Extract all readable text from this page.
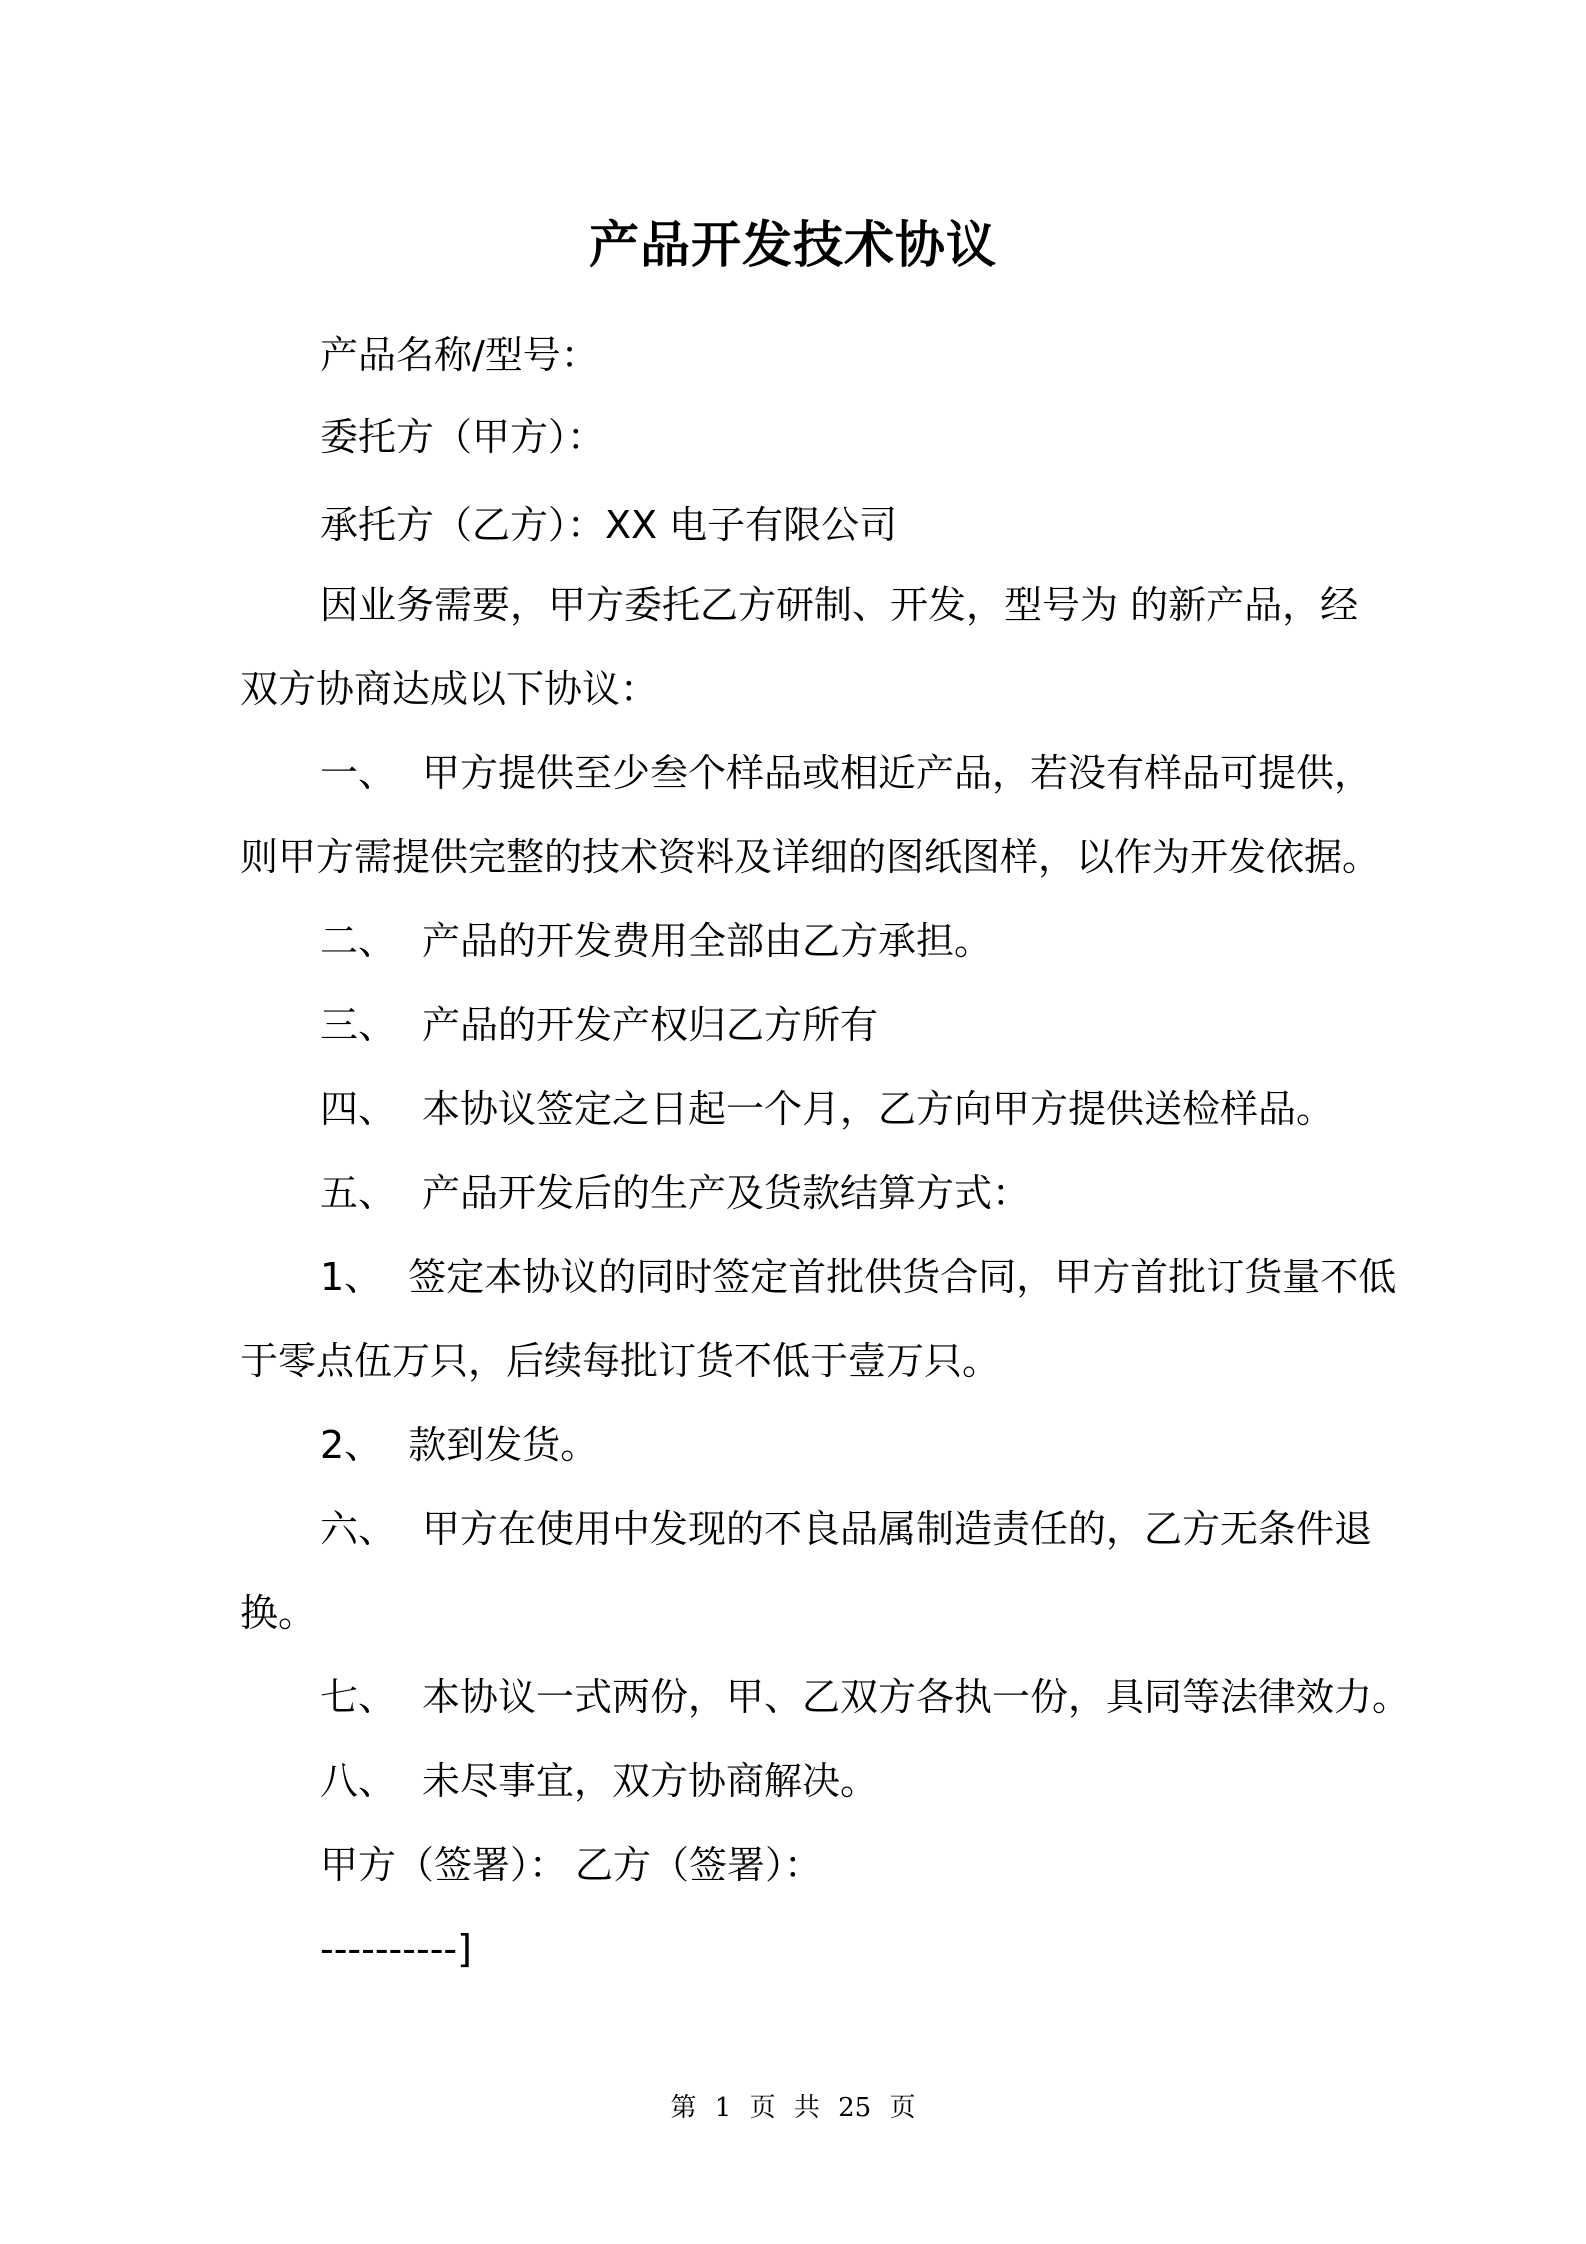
产品开发技术协议
产品名称/型号：
委托方（甲方）：
承托方（乙方）：XX 电子有限公司
因业务需要，甲方委托乙方研制、开发，型号为 的新产品，经
双方协商达成以下协议：
一、 甲方提供至少叁个样品或相近产品，若没有样品可提供，
则甲方需提供完整的技术资料及详细的图纸图样，以作为开发依据。
二、 产品的开发费用全部由乙方承担。
三、 产品的开发产权归乙方所有
四、 本协议签定之日起一个月，乙方向甲方提供送检样品。
五、 产品开发后的生产及货款结算方式：
1、 签定本协议的同时签定首批供货合同，甲方首批订货量不低
于零点伍万只，后续每批订货不低于壹万只。
2、 款到发货。
六、 甲方在使用中发现的不良品属制造责任的，乙方无条件退
换。
七、 本协议一式两份，甲、乙双方各执一份，具同等法律效力。
八、 未尽事宜，双方协商解决。
甲方（签署）： 乙方（签署）：
----------]
第 1 页 共 25 页
